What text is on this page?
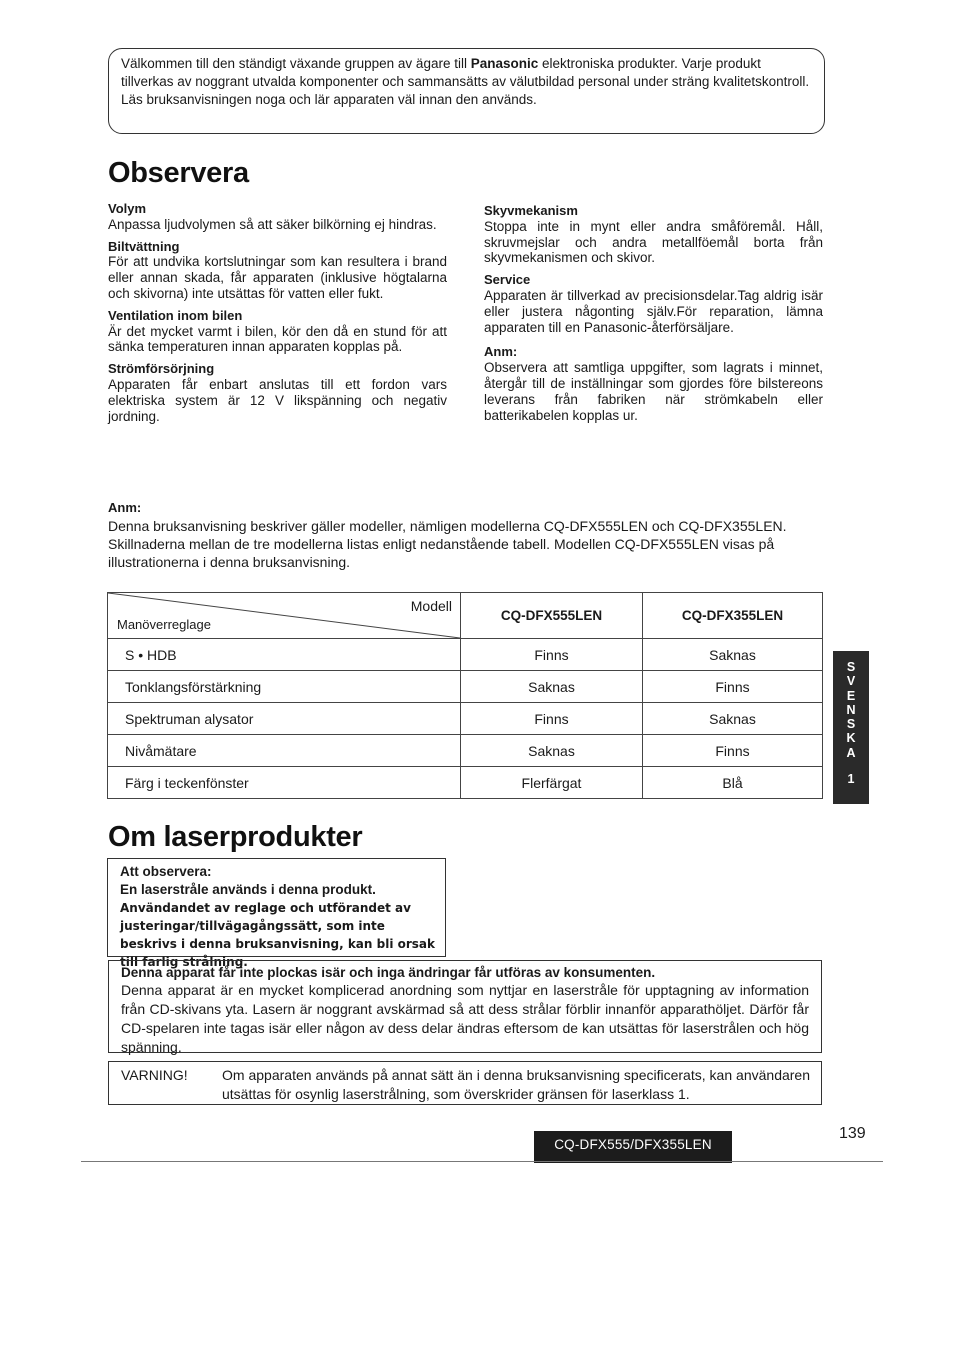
Välkommen till den ständigt växande gruppen av ägare till Panasonic elektroniska produkter. Varje produkt tillverkas av noggrant utvalda komponenter och sammansätts av välutbildad personal under sträng kvalitetskontroll.
Läs bruksanvisningen noga och lär apparaten väl innan den används.
Observera
Volym
Anpassa ljudvolymen så att säker bilkörning ej hindras.
Biltvättning
För att undvika kortslutningar som kan resultera i brand eller annan skada, får apparaten (inklusive högtalarna och skivorna) inte utsättas för vatten eller fukt.
Ventilation inom bilen
Är det mycket varmt i bilen, kör den då en stund för att sänka temperaturen innan apparaten kopplas på.
Strömförsörjning
Apparaten får enbart anslutas till ett fordon vars elektriska system är 12 V likspänning och negativ jordning.
Skyvmekanism
Stoppa inte in mynt eller andra småföremål. Håll, skruvmejslar och andra metallföemål borta från skyvmekanismen och skivor.
Service
Apparaten är tillverkad av precisionsdelar.Tag aldrig isär eller justera någonting själv.För reparation, lämna apparaten till en Panasonic-återförsäljare.
Anm:
Observera att samtliga uppgifter, som lagrats i minnet, återgår till de inställningar som gjordes före bilstereons leverans från fabriken när strömkabeln eller batterikabelen kopplas ur.
Anm:
Denna bruksanvisning beskriver gäller modeller, nämligen modellerna CQ-DFX555LEN och CQ-DFX355LEN. Skillnaderna mellan de tre modellerna listas enligt nedanstående tabell. Modellen CQ-DFX555LEN visas på illustrationerna i denna bruksanvisning.
Modell
Manöverreglage	CQ-DFX555LEN	CQ-DFX355LEN
S • HDB	Finns	Saknas
Tonklangsförstärkning	Saknas	Finns
Spektruman alysator	Finns	Saknas
Nivåmätare	Saknas	Finns
Färg i teckenfönster	Flerfärgat	Blå
S
V
E
N
S
K
A
1
Om laserprodukter
Att observera:
En laserstråle används i denna produkt.
Användandet av reglage och utförandet av justeringar/tillvägagångssätt, som inte beskrivs i denna bruksanvisning, kan bli orsak till farlig strålning.
Denna apparat får inte plockas isär och inga ändringar får utföras av konsumenten.
Denna apparat är en mycket komplicerad anordning som nyttjar en laserstråle för upptagning av information från CD-skivans yta. Lasern är noggrant avskärmad så att dess strålar förblir innanför apparathöljet. Därför får CD-spelaren inte tagas isär eller någon av dess delar ändras eftersom de kan utsättas för laserstrålen och hög spänning.
VARNING! Om apparaten används på annat sätt än i denna bruksanvisning specificerats, kan användaren utsättas för osynlig laserstrålning, som överskrider gränsen för laserklass 1.
139
CQ-DFX555/DFX355LEN
